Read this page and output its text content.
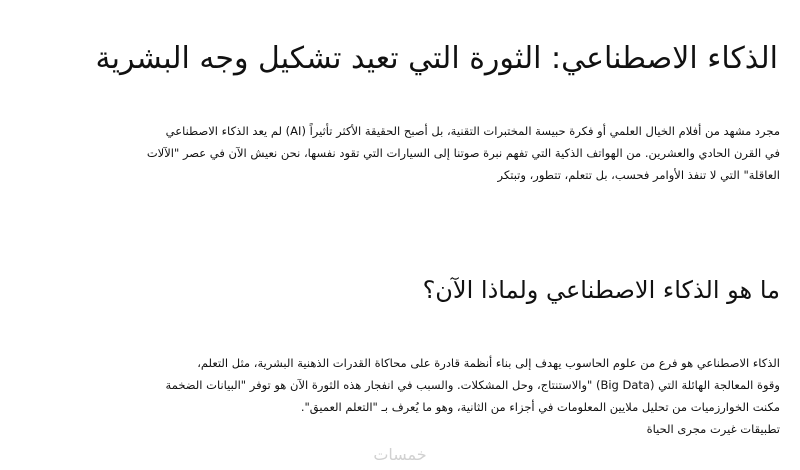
الذكاء الاصطناعي: الثورة التي تعيد تشكيل وجه البشرية

مجرد مشهد من أفلام الخيال العلمي أو فكرة حبيسة المختبرات التقنية، بل أصبح الحقيقة الأكثر تأثيراً (AI) لم يعد الذكاء الاصطناعي
في القرن الحادي والعشرين. من الهواتف الذكية التي تفهم نبرة صوتنا إلى السيارات التي تقود نفسها، نحن نعيش الآن في عصر "الآلات
العاقلة" التي لا تنفذ الأوامر فحسب، بل تتعلم، تتطور، وتبتكر

ما هو الذكاء الاصطناعي ولماذا الآن؟

الذكاء الاصطناعي هو فرع من علوم الحاسوب يهدف إلى بناء أنظمة قادرة على محاكاة القدرات الذهنية البشرية، مثل التعلم،
وقوة المعالجة الهائلة التي (Big Data) "والاستنتاج، وحل المشكلات. والسبب في انفجار هذه الثورة الآن هو توفر "البيانات الضخمة
مكنت الخوارزميات من تحليل ملايين المعلومات في أجزاء من الثانية، وهو ما يُعرف بـ "التعلم العميق".
تطبيقات غيرت مجرى الحياة

خمسات
